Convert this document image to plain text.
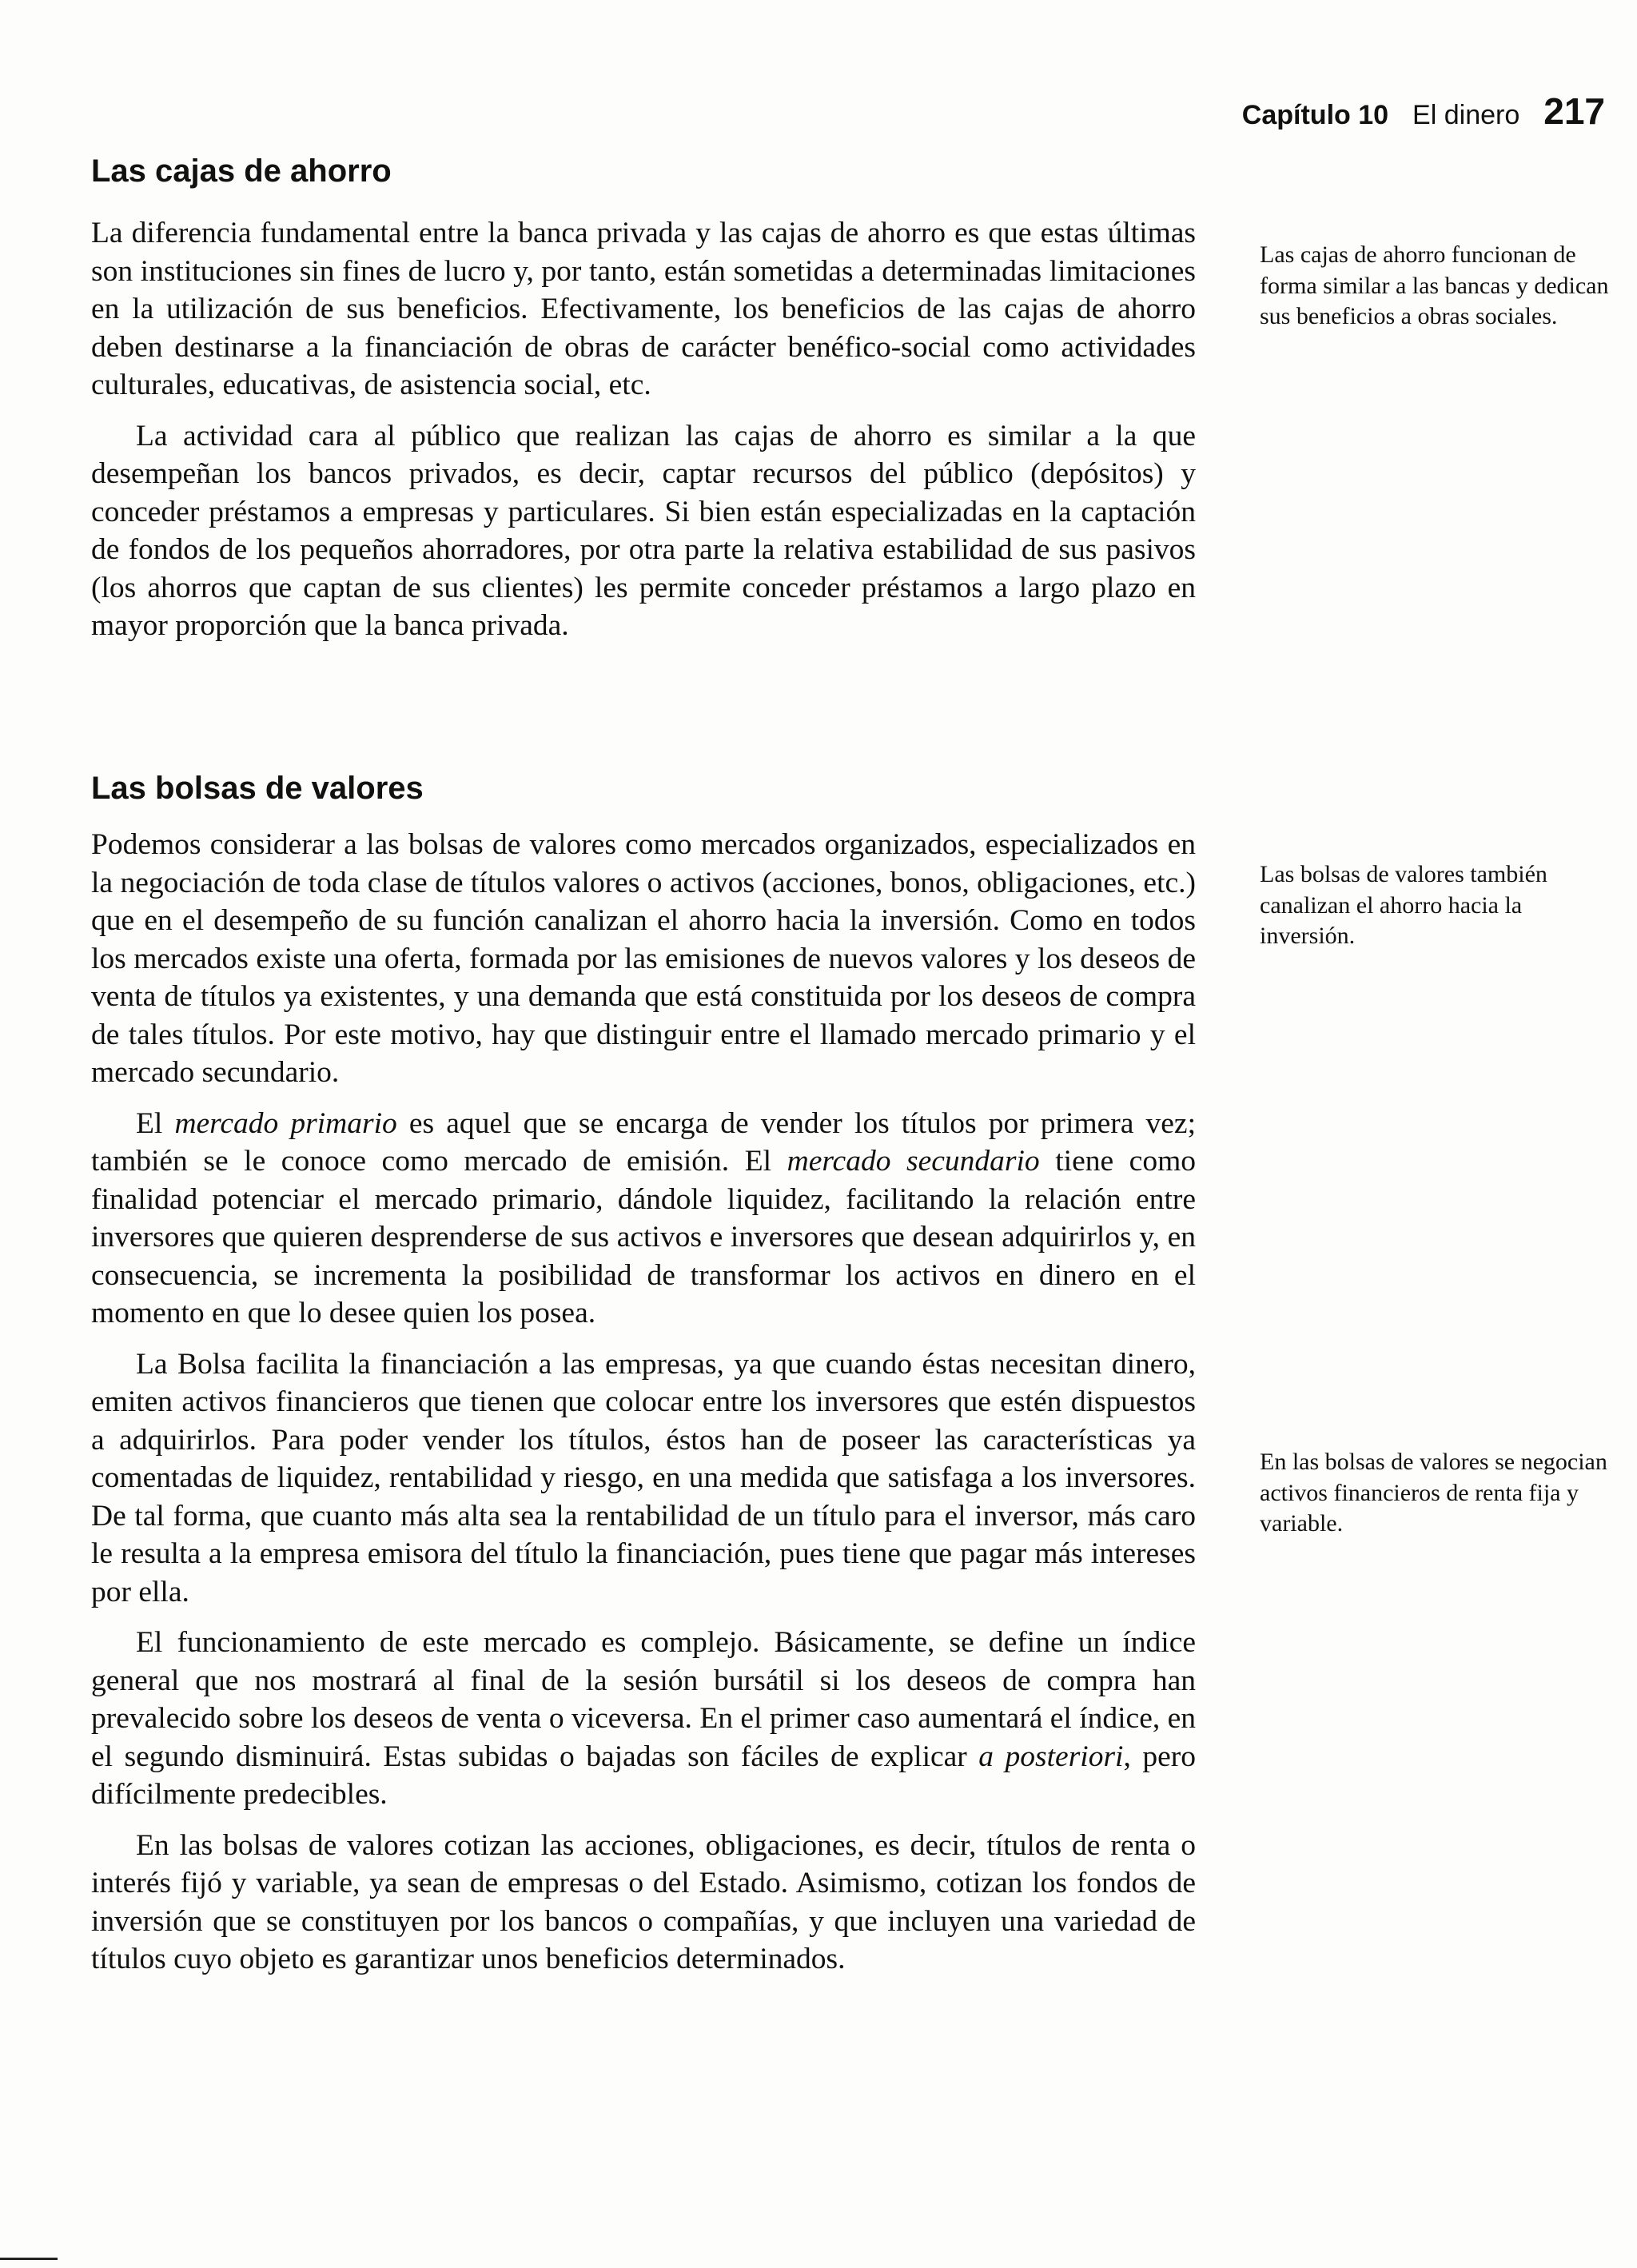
Capítulo 10 El dinero 217
Las cajas de ahorro

La diferencia fundamental entre la banca privada y las cajas de ahorro es que estas últimas son instituciones sin fines de lucro y, por tanto, están sometidas a determinadas limitaciones en la utilización de sus beneficios. Efectivamente, los beneficios de las cajas de ahorro deben destinarse a la financiación de obras de carácter benéfico-social como actividades culturales, educativas, de asistencia social, etc.

La actividad cara al público que realizan las cajas de ahorro es similar a la que desempeñan los bancos privados, es decir, captar recursos del público (depósitos) y conceder préstamos a empresas y particulares. Si bien están especializadas en la captación de fondos de los pequeños ahorradores, por otra parte la relativa estabilidad de sus pasivos (los ahorros que captan de sus clientes) les permite conceder préstamos a largo plazo en mayor proporción que la banca privada.

Las bolsas de valores

Podemos considerar a las bolsas de valores como mercados organizados, especializados en la negociación de toda clase de títulos valores o activos (acciones, bonos, obligaciones, etc.) que en el desempeño de su función canalizan el ahorro hacia la inversión. Como en todos los mercados existe una oferta, formada por las emisiones de nuevos valores y los deseos de venta de títulos ya existentes, y una demanda que está constituida por los deseos de compra de tales títulos. Por este motivo, hay que distinguir entre el llamado mercado primario y el mercado secundario.

El mercado primario es aquel que se encarga de vender los títulos por primera vez; también se le conoce como mercado de emisión. El mercado secundario tiene como finalidad potenciar el mercado primario, dándole liquidez, facilitando la relación entre inversores que quieren desprenderse de sus activos e inversores que desean adquirirlos y, en consecuencia, se incrementa la posibilidad de transformar los activos en dinero en el momento en que lo desee quien los posea.

La Bolsa facilita la financiación a las empresas, ya que cuando éstas necesitan dinero, emiten activos financieros que tienen que colocar entre los inversores que estén dispuestos a adquirirlos. Para poder vender los títulos, éstos han de poseer las características ya comentadas de liquidez, rentabilidad y riesgo, en una medida que satisfaga a los inversores. De tal forma, que cuanto más alta sea la rentabilidad de un título para el inversor, más caro le resulta a la empresa emisora del título la financiación, pues tiene que pagar más intereses por ella.

El funcionamiento de este mercado es complejo. Básicamente, se define un índice general que nos mostrará al final de la sesión bursátil si los deseos de compra han prevalecido sobre los deseos de venta o viceversa. En el primer caso aumentará el índice, en el segundo disminuirá. Estas subidas o bajadas son fáciles de explicar a posteriori, pero difícilmente predecibles.

En las bolsas de valores cotizan las acciones, obligaciones, es decir, títulos de renta o interés fijó y variable, ya sean de empresas o del Estado. Asimismo, cotizan los fondos de inversión que se constituyen por los bancos o compañías, y que incluyen una variedad de títulos cuyo objeto es garantizar unos beneficios determinados.

Las cajas de ahorro funcionan de forma similar a las bancas y dedican sus beneficios a obras sociales.

Las bolsas de valores también canalizan el ahorro hacia la inversión.

En las bolsas de valores se negocian activos financieros de renta fija y variable.
